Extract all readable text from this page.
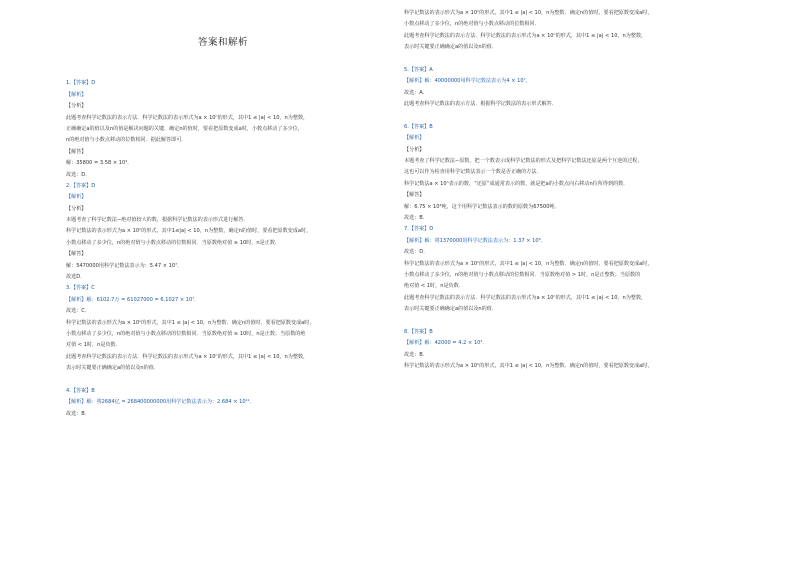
答案和解析
1.【答案】D
【解析】
【分析】
此题考查科学记数法的表示方法．科学记数法的表示形式为a × 10ⁿ的形式，其中1 ≤ |a| < 10，n为整数，
正确确定a的值以及n的值是解决问题的关键．确定n的值时，要看把原数变成a时，小数点移动了多少位，
n的绝对值与小数点移动的位数相同．据此解答即可．
【解答】
解：35800 = 3.58 × 10⁴．
故选：D．
2.【答案】D
【解析】
【分析】
本题考查了科学记数法−绝对值较大的数，根据科学记数法的表示形式进行解答．
科学记数法的表示形式为a × 10ⁿ的形式，其中1≤|a| < 10，n为整数，确定n的值时，要看把原数变成a时，
小数点移动了多少位，n的绝对值与小数点移动的位数相同．当原数绝对值 ≥ 10时，n是正数．
【解答】
解：5470000用科学记数法表示为：5.47 × 10⁷．
故选D．
3.【答案】C
【解析】解：6102.7万 = 61027000 = 6.1027 × 10⁷．
故选：C．
科学记数法的表示形式为a × 10ⁿ的形式，其中1 ≤ |a| < 10，n为整数．确定n的值时，要看把原数变成a时，
小数点移动了多少位，n的绝对值与小数点移动的位数相同．当原数绝对值 ≥ 10时，n是正数；当原数的绝
对值 < 1时，n是负数．
此题考查科学记数法的表示方法．科学记数法的表示形式为a × 10ⁿ的形式，其中1 ≤ |a| < 10，n为整数，
表示时关键要正确确定a的值以及n的值．
4.【答案】B
【解析】解：将2684亿 = 268400000000用科学记数法表示为：2.684 × 10¹¹．
故选：B．
科学记数法的表示形式为a × 10ⁿ的形式，其中1 ≤ |a| < 10，n为整数．确定n的值时，要看把原数变成a时，
小数点移动了多少位，n的绝对值与小数点移动的位数相同．
此题考查科学记数法的表示方法．科学记数法的表示形式为a × 10ⁿ的形式，其中1 ≤ |a| < 10，n为整数，
表示时关键要正确确定a的值以及n的值．
5.【答案】A
【解析】解：40000000用科学记数法表示为4 × 10⁷，
故选：A．
此题考查科学记数法的表示方法．根据科学记数法的表示形式解答．
6.【答案】B
【解析】
【分析】
本题考查了科学记数法−原数，把一个数表示成科学记数法的形式及把科学记数法还原是两个互逆的过程，
这也可以作为检查用科学记数法表示一个数是否正确的方法．
科学记数法a × 10ⁿ表示的数，“还原”成通常表示的数，就是把a的小数点向右移动n位所得到的数．
【解答】
解：6.75 × 10⁴吨，这个用科学记数法表示的数的原数为67500吨．
故选：B．
7.【答案】D
【解析】解：将1370000用科学记数法表示为：1.37 × 10⁶．
故选：D．
科学记数法的表示形式为a × 10ⁿ的形式，其中1 ≤ |a| < 10，n为整数．确定n的值时，要看把原数变成a时，
小数点移动了多少位，n的绝对值与小数点移动的位数相同．当原数绝对值 > 1时，n是正整数；当原数的
绝对值 < 1时，n是负数．
此题考查科学记数法的表示方法．科学记数法的表示形式为a × 10ⁿ的形式，其中1 ≤ |a| < 10，n为整数，
表示时关键要正确确定a的值以及n的值．
8.【答案】B
【解析】解：42000 = 4.2 × 10⁴．
故选：B．
科学记数法的表示形式为a × 10ⁿ的形式，其中1 ≤ |a| < 10，n为整数．确定n的值时，要看把原数变成a时，
